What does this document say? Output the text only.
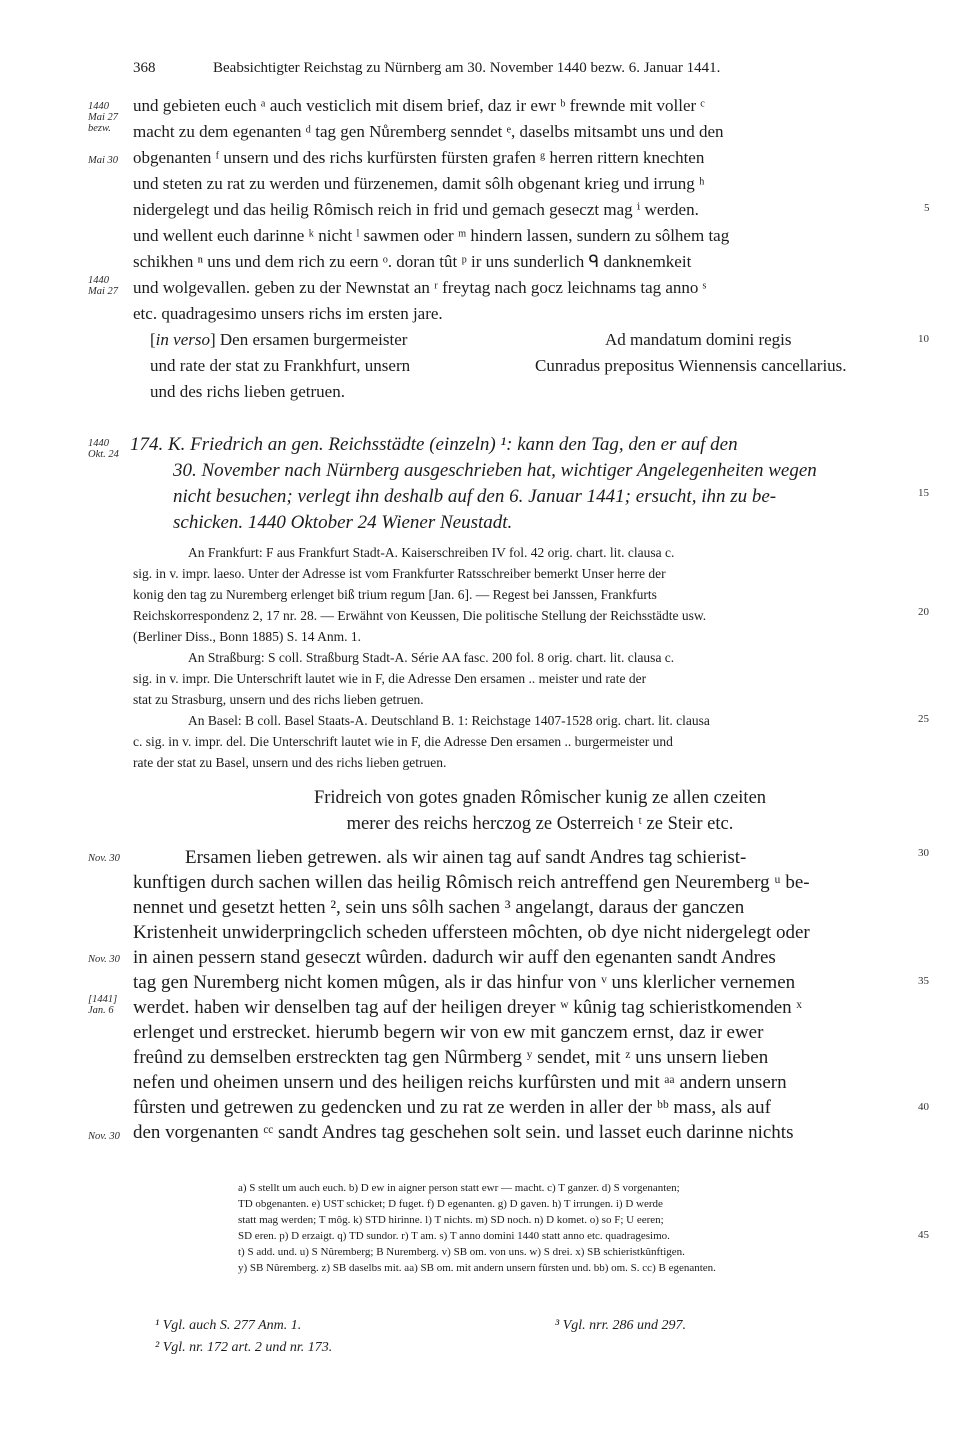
368	Beabsichtigter Reichstag zu Nürnberg am 30. November 1440 bezw. 6. Januar 1441.
1440
Mai 27
bezw.
Mai 30
1440
Mai 27
1440
Okt. 24
Nov. 30
Nov. 30
[1441]
Jan. 6
Nov. 30
5
10
15
20
25
30
35
40
45
und gebieten euch ᵃ auch vesticlich mit disem brief, daz ir ewr ᵇ frewnde mit voller ᶜ
macht zu dem egenanten ᵈ tag gen Nůremberg senndet ᵉ, daselbs mitsambt uns und den
obgenanten ᶠ unsern und des richs kurfürsten fürsten grafen ᵍ herren rittern knechten
und steten zu rat zu werden und fürzenemen, damit sôlh obgenant krieg und irrung ʰ
nidergelegt und das heilig Rômisch reich in frid und gemach geseczt mag ⁱ werden.
und wellent euch darinne ᵏ nicht ˡ sawmen oder ᵐ hindern lassen, sundern zu sôlhem tag
schikhen ⁿ uns und dem rich zu eern ᵒ. doran tût ᵖ ir uns sunderlich ᑫ danknemkeit
und wolgevallen. geben zu der Newnstat an ʳ freytag nach gocz leichnams tag anno ˢ
etc. quadragesimo unsers richs im ersten jare.
[in verso] Den ersamen burgermeister
und rate der stat zu Frankhfurt, unsern
und des richs lieben getruen.
Ad mandatum domini regis
Cunradus prepositus Wiennensis cancellarius.
174. K. Friedrich an gen. Reichsstädte (einzeln) ¹: kann den Tag, den er auf den
30. November nach Nürnberg ausgeschrieben hat, wichtiger Angelegenheiten wegen
nicht besuchen; verlegt ihn deshalb auf den 6. Januar 1441; ersucht, ihn zu be-
schicken. 1440 Oktober 24 Wiener Neustadt.
An Frankfurt: F aus Frankfurt Stadt-A. Kaiserschreiben IV fol. 42 orig. chart. lit. clausa c.
sig. in v. impr. laeso. Unter der Adresse ist vom Frankfurter Ratsschreiber bemerkt Unser herre der
konig den tag zu Nuremberg erlenget biß trium regum [Jan. 6]. — Regest bei Janssen, Frankfurts
Reichskorrespondenz 2, 17 nr. 28. — Erwähnt von Keussen, Die politische Stellung der Reichsstädte usw.
(Berliner Diss., Bonn 1885) S. 14 Anm. 1.
An Straßburg: S coll. Straßburg Stadt-A. Série AA fasc. 200 fol. 8 orig. chart. lit. clausa c.
sig. in v. impr. Die Unterschrift lautet wie in F, die Adresse Den ersamen .. meister und rate der
stat zu Strasburg, unsern und des richs lieben getruen.
An Basel: B coll. Basel Staats-A. Deutschland B. 1: Reichstage 1407-1528 orig. chart. lit. clausa
c. sig. in v. impr. del. Die Unterschrift lautet wie in F, die Adresse Den ersamen .. burgermeister und
rate der stat zu Basel, unsern und des richs lieben getruen.
Fridreich von gotes gnaden Rômischer kunig ze allen czeiten
merer des reichs herczog ze Osterreich ᵗ ze Steir etc.
Ersamen lieben getrewen. als wir ainen tag auf sandt Andres tag schierist-
kunftigen durch sachen willen das heilig Rômisch reich antreffend gen Neuremberg ᵘ be-
nennet und gesetzt hetten ², sein uns sôlh sachen ³ angelangt, daraus der ganczen
Kristenheit unwiderpringclich scheden uffersteen môchten, ob dye nicht nidergelegt oder
in ainen pessern stand geseczt wûrden. dadurch wir auff den egenanten sandt Andres
tag gen Nuremberg nicht komen mûgen, als ir das hinfur von ᵛ uns klerlicher vernemen
werdet. haben wir denselben tag auf der heiligen dreyer ʷ kûnig tag schieristkomenden ˣ
erlenget und erstrecket. hierumb begern wir von ew mit ganczem ernst, daz ir ewer
freûnd zu demselben erstreckten tag gen Nûrmberg ʸ sendet, mit ᶻ uns unsern lieben
nefen und oheimen unsern und des heiligen reichs kurfûrsten und mit ᵃᵃ andern unsern
fûrsten und getrewen zu gedencken und zu rat ze werden in aller der ᵇᵇ mass, als auf
den vorgenanten ᶜᶜ sandt Andres tag geschehen solt sein. und lasset euch darinne nichts
a) S stellt um auch euch. b) D ew in aigner person statt ewr — macht. c) T ganzer. d) S vorgenanten;
TD obgenanten. e) UST schicket; D fuget. f) D egenanten. g) D gaven. h) T irrungen. i) D werde
statt mag werden; T môg. k) STD hirinne. l) T nichts. m) SD noch. n) D komet. o) so F; U eeren;
SD eren. p) D erzaigt. q) TD sundor. r) T am. s) T anno domini 1440 statt anno etc. quadragesimo.
t) S add. und. u) S Nûremberg; B Nuremberg. v) SB om. von uns. w) S drei. x) SB schieristkûnftigen.
y) SB Nûremberg. z) SB daselbs mit. aa) SB om. mit andern unsern fûrsten und. bb) om. S. cc) B egenanten.
¹ Vgl. auch S. 277 Anm. 1.
² Vgl. nr. 172 art. 2 und nr. 173.
³ Vgl. nrr. 286 und 297.
